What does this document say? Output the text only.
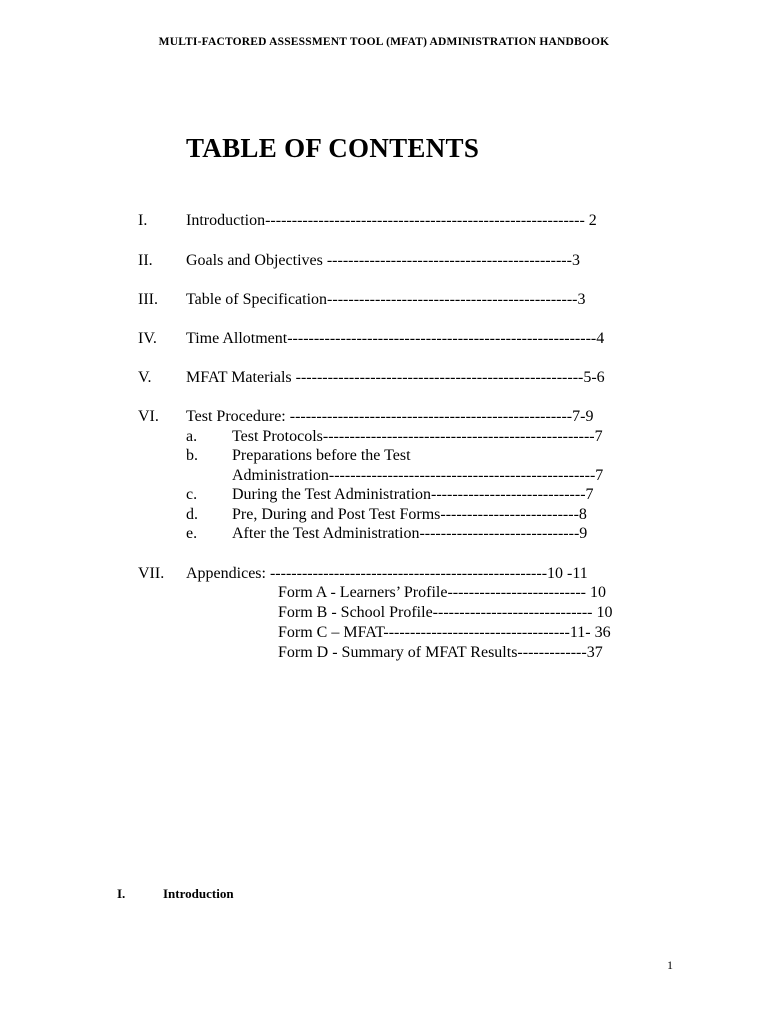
MULTI-FACTORED ASSESSMENT TOOL (MFAT) ADMINISTRATION HANDBOOK
TABLE OF CONTENTS
I. Introduction------------------------------------------------------------ 2
II. Goals and Objectives ----------------------------------------------3
III. Table of Specification-----------------------------------------------3
IV. Time Allotment----------------------------------------------------------4
V. MFAT Materials ------------------------------------------------------5-6
VI. Test Procedure: -----------------------------------------------------7-9
a. Test Protocols---------------------------------------------------7
b. Preparations before the Test
Administration--------------------------------------------------7
c. During the Test Administration-----------------------------7
d. Pre, During and Post Test Forms--------------------------8
e. After the Test Administration------------------------------9
VII. Appendices: ----------------------------------------------------10 -11
Form A - Learners’ Profile-------------------------- 10
Form B - School Profile------------------------------ 10
Form C – MFAT-----------------------------------11- 36
Form D - Summary of MFAT Results-------------37
I.	Introduction
1
